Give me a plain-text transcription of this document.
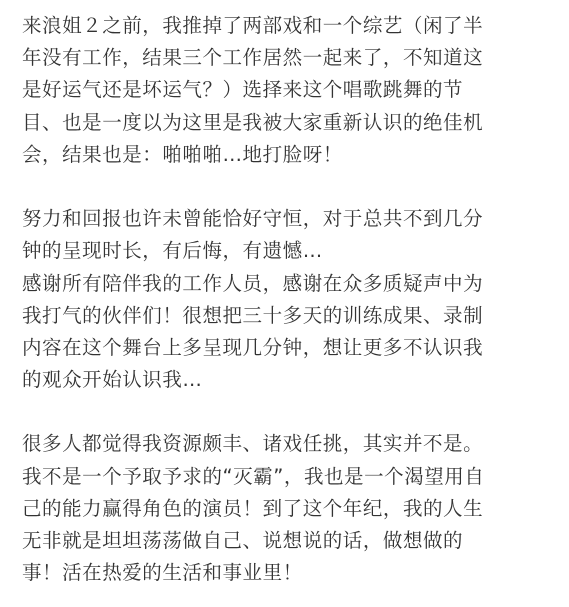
来浪姐２之前，我推掉了两部戏和一个综艺（闲了半
年没有工作，结果三个工作居然一起来了，不知道这
是好运气还是坏运气？）选择来这个唱歌跳舞的节
目、也是一度以为这里是我被大家重新认识的绝佳机
会，结果也是：啪啪啪…地打脸呀！
努力和回报也许未曾能恰好守恒，对于总共不到几分
钟的呈现时长，有后悔，有遗憾…
感谢所有陪伴我的工作人员，感谢在众多质疑声中为
我打气的伙伴们！很想把三十多天的训练成果、录制
内容在这个舞台上多呈现几分钟，想让更多不认识我
的观众开始认识我…
很多人都觉得我资源颇丰、诸戏任挑，其实并不是。
我不是一个予取予求的“灭霸”，我也是一个渴望用自
己的能力赢得角色的演员！到了这个年纪，我的人生
无非就是坦坦荡荡做自己、说想说的话，做想做的
事！活在热爱的生活和事业里！
